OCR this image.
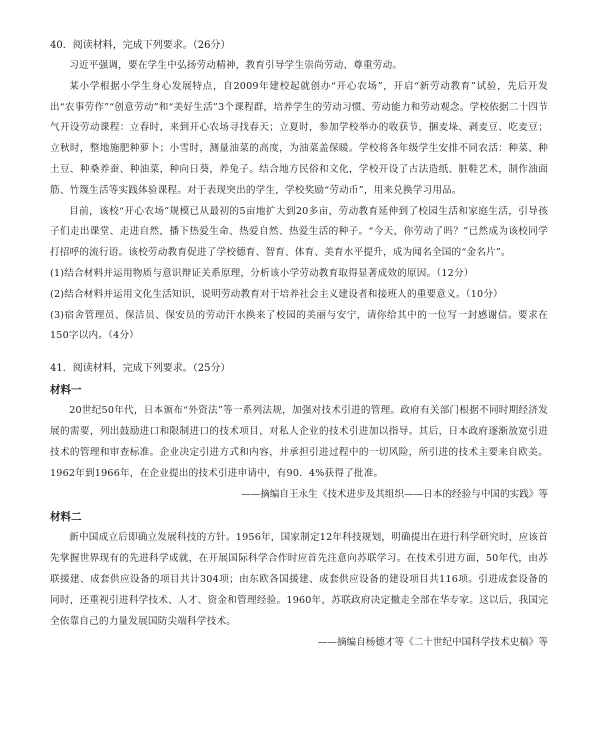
40．阅读材料，完成下列要求。（26分）

习近平强调，要在学生中弘扬劳动精神，教育引导学生崇尚劳动、尊重劳动。

某小学根据小学生身心发展特点，自2009年建校起就创办“开心农场”，开启“新劳动教育”试验，先后开发出“农事劳作”“创意劳动”和“美好生活”3个课程群，培养学生的劳动习惯、劳动能力和劳动观念。学校依据二十四节气开设劳动课程：立春时，来到开心农场寻找春天；立夏时，参加学校举办的收获节，捆麦垛、剥麦豆、吃麦豆；立秋时，整地施肥种萝卜；小雪时，测量油菜的高度，为油菜盖保暖。学校将各年级学生安排不同农活：种菜、种土豆、种桑养蚕、种油菜，种向日葵，养兔子。结合地方民俗和文化，学校开设了古法造纸、脏鞋艺术，制作油面筋、竹篾生活等实践体验课程。对于表现突出的学生，学校奖励“劳动币”，用来兑换学习用品。

目前，该校“开心农场”规模已从最初的5亩地扩大到20多亩，劳动教育延伸到了校园生活和家庭生活，引导孩子们走出课堂、走进自然，播下热爱生命、热爱自然、热爱生活的种子。“今天，你劳动了吗？”已然成为该校同学打招呼的流行语。该校劳动教育促进了学校德育、智育、体育、美育水平提升，成为闻名全国的“金名片”。

(1)结合材料并运用物质与意识辩证关系原理，分析该小学劳动教育取得显著成效的原因。（12分）

(2)结合材料并运用文化生活知识，说明劳动教育对于培养社会主义建设者和接班人的重要意义。（10分）

(3)宿舍管理员、保洁员、保安员的劳动汗水换来了校园的美丽与安宁，请你给其中的一位写一封感谢信。要求在150字以内。（4分）

41．阅读材料，完成下列要求。（25分）

材料一

20世纪50年代，日本颁布“外资法”等一系列法规，加强对技术引进的管理。政府有关部门根据不同时期经济发展的需要，列出鼓励进口和限制进口的技术项目，对私人企业的技术引进加以指导。其后，日本政府逐渐放宽引进技术的管理和审查标准。企业决定引进方式和内容，并承担引进过程中的一切风险，所引进的技术主要来自欧美。1962年到1966年，在企业提出的技术引进申请中，有90．4%获得了批准。

——摘编自王永生《技术进步及其组织——日本的经验与中国的实践》等

材料二

新中国成立后即确立发展科技的方针。1956年，国家制定12年科技规划，明确提出在进行科学研究时，应该首先掌握世界现有的先进科学成就，在开展国际科学合作时应首先注意向苏联学习。在技术引进方面，50年代，由苏联援建、成套供应设备的项目共计304项；由东欧各国援建、成套供应设备的建设项目共116项。引进成套设备的同时，还重视引进科学技术、人才、资金和管理经验。1960年，苏联政府决定撤走全部在华专家。这以后，我国完全依靠自己的力量发展国防尖端科学技术。

——摘编自杨德才等《二十世纪中国科学技术史稿》等
